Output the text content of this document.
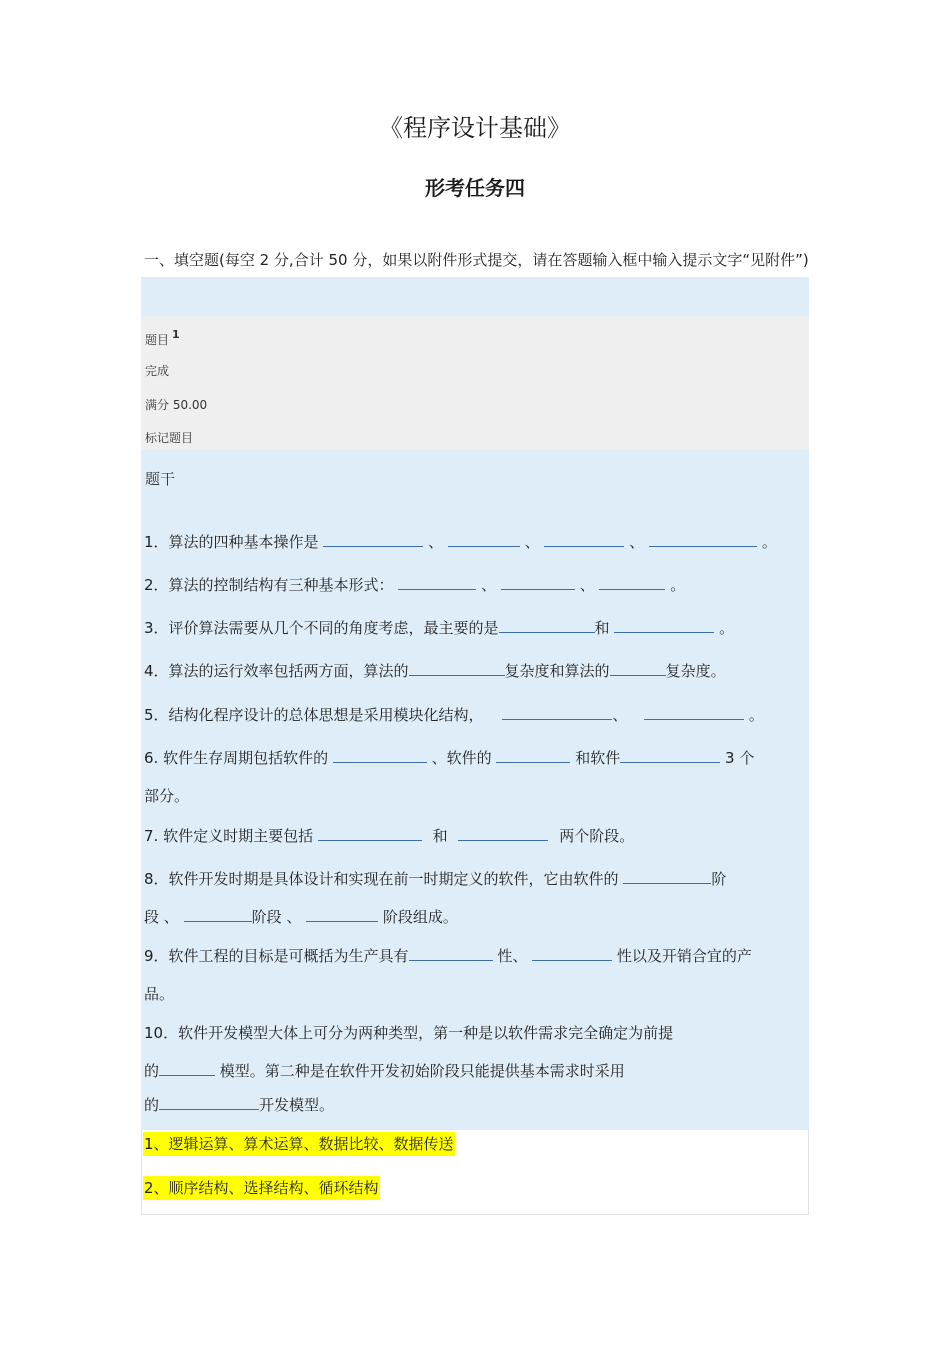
《程序设计基础》
形考任务四
一、填空题(每空 2 分,合计 50 分，如果以附件形式提交，请在答题输入框中输入提示文字“见附件”)
题目 $^1$
完成
满分 50.00
标记题目
题干
1．算法的四种基本操作是	、	、	、	。
2．算法的控制结构有三种基本形式：	、	、	。
3．评价算法需要从几个不同的角度考虑，最主要的是	和	。
4．算法的运行效率包括两方面，算法的	复杂度和算法的	复杂度。
5．结构化程序设计的总体思想是采用模块化结构，	、	。
6. 软件生存周期包括软件的	、软件的	和软件	3 个
部分。
7. 软件定义时期主要包括	和	两个阶段。
8．软件开发时期是具体设计和实现在前一时期定义的软件，它由软件的	阶
段 、	阶段 、	阶段组成。
9．软件工程的目标是可概括为生产具有	性、	性以及开销合宜的产
品。
10．软件开发模型大体上可分为两种类型，第一种是以软件需求完全确定为前提
的	模型。第二种是在软件开发初始阶段只能提供基本需求时采用
的	开发模型。
1、逻辑运算、算术运算、数据比较、数据传送
2、顺序结构、选择结构、循环结构
